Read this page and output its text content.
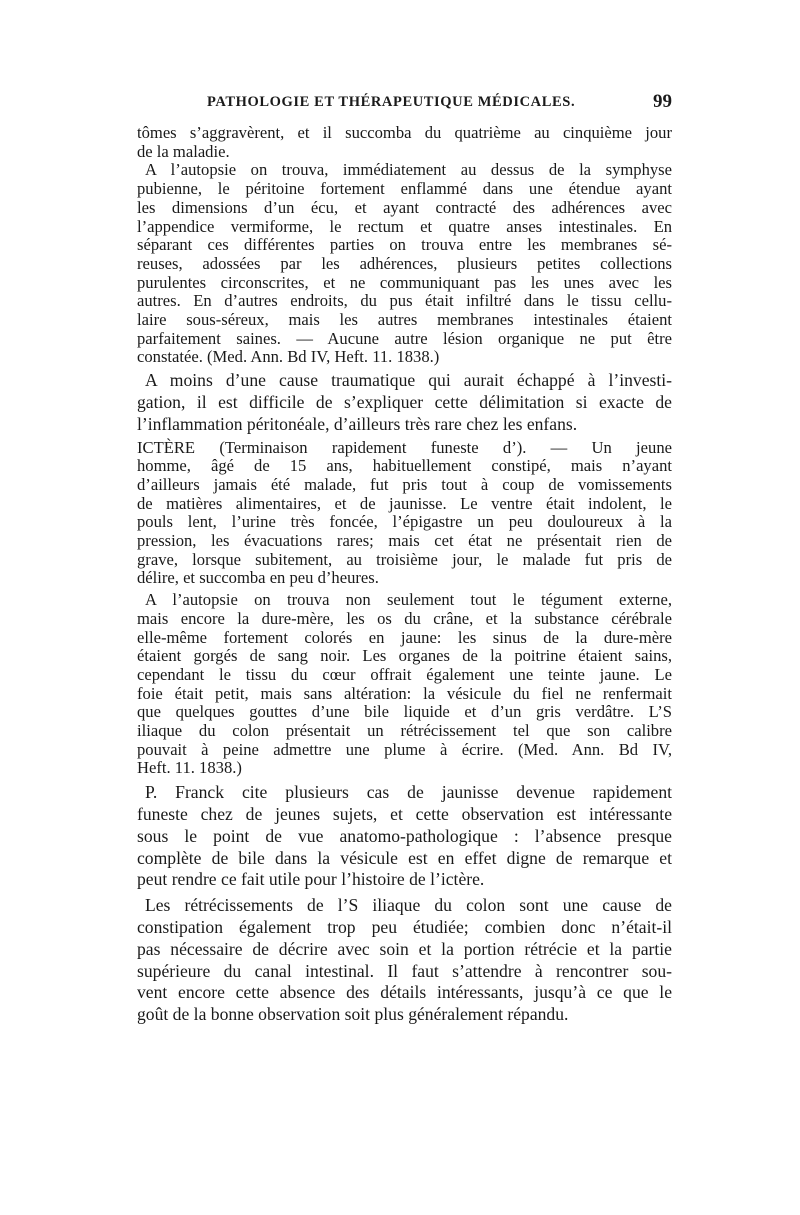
PATHOLOGIE ET THÉRAPEUTIQUE MÉDICALES.	99
tômes s’aggravèrent, et il succomba du quatrième au cinquième jour
de la maladie.
A l’autopsie on trouva, immédiatement au dessus de la symphyse
pubienne, le péritoine fortement enflammé dans une étendue ayant
les dimensions d’un écu, et ayant contracté des adhérences avec
l’appendice vermiforme, le rectum et quatre anses intestinales. En
séparant ces différentes parties on trouva entre les membranes sé-
reuses, adossées par les adhérences, plusieurs petites collections
purulentes circonscrites, et ne communiquant pas les unes avec les
autres. En d’autres endroits, du pus était infiltré dans le tissu cellu-
laire sous-séreux, mais les autres membranes intestinales étaient
parfaitement saines. — Aucune autre lésion organique ne put être
constatée. (Med. Ann. Bd IV, Heft. 11. 1838.)
A moins d’une cause traumatique qui aurait échappé à l’investi-
gation, il est difficile de s’expliquer cette délimitation si exacte de
l’inflammation péritonéale, d’ailleurs très rare chez les enfans.
ICTÈRE (Terminaison rapidement funeste d’). — Un jeune
homme, âgé de 15 ans, habituellement constipé, mais n’ayant
d’ailleurs jamais été malade, fut pris tout à coup de vomissements
de matières alimentaires, et de jaunisse. Le ventre était indolent, le
pouls lent, l’urine très foncée, l’épigastre un peu douloureux à la
pression, les évacuations rares; mais cet état ne présentait rien de
grave, lorsque subitement, au troisième jour, le malade fut pris de
délire, et succomba en peu d’heures.
A l’autopsie on trouva non seulement tout le tégument externe,
mais encore la dure-mère, les os du crâne, et la substance cérébrale
elle-même fortement colorés en jaune: les sinus de la dure-mère
étaient gorgés de sang noir. Les organes de la poitrine étaient sains,
cependant le tissu du cœur offrait également une teinte jaune. Le
foie était petit, mais sans altération: la vésicule du fiel ne renfermait
que quelques gouttes d’une bile liquide et d’un gris verdâtre. L’S
iliaque du colon présentait un rétrécissement tel que son calibre
pouvait à peine admettre une plume à écrire. (Med. Ann. Bd IV,
Heft. 11. 1838.)
P. Franck cite plusieurs cas de jaunisse devenue rapidement
funeste chez de jeunes sujets, et cette observation est intéressante
sous le point de vue anatomo-pathologique : l’absence presque
complète de bile dans la vésicule est en effet digne de remarque et
peut rendre ce fait utile pour l’histoire de l’ictère.
Les rétrécissements de l’S iliaque du colon sont une cause de
constipation également trop peu étudiée; combien donc n’était-il
pas nécessaire de décrire avec soin et la portion rétrécie et la partie
supérieure du canal intestinal. Il faut s’attendre à rencontrer sou-
vent encore cette absence des détails intéressants, jusqu’à ce que le
goût de la bonne observation soit plus généralement répandu.
